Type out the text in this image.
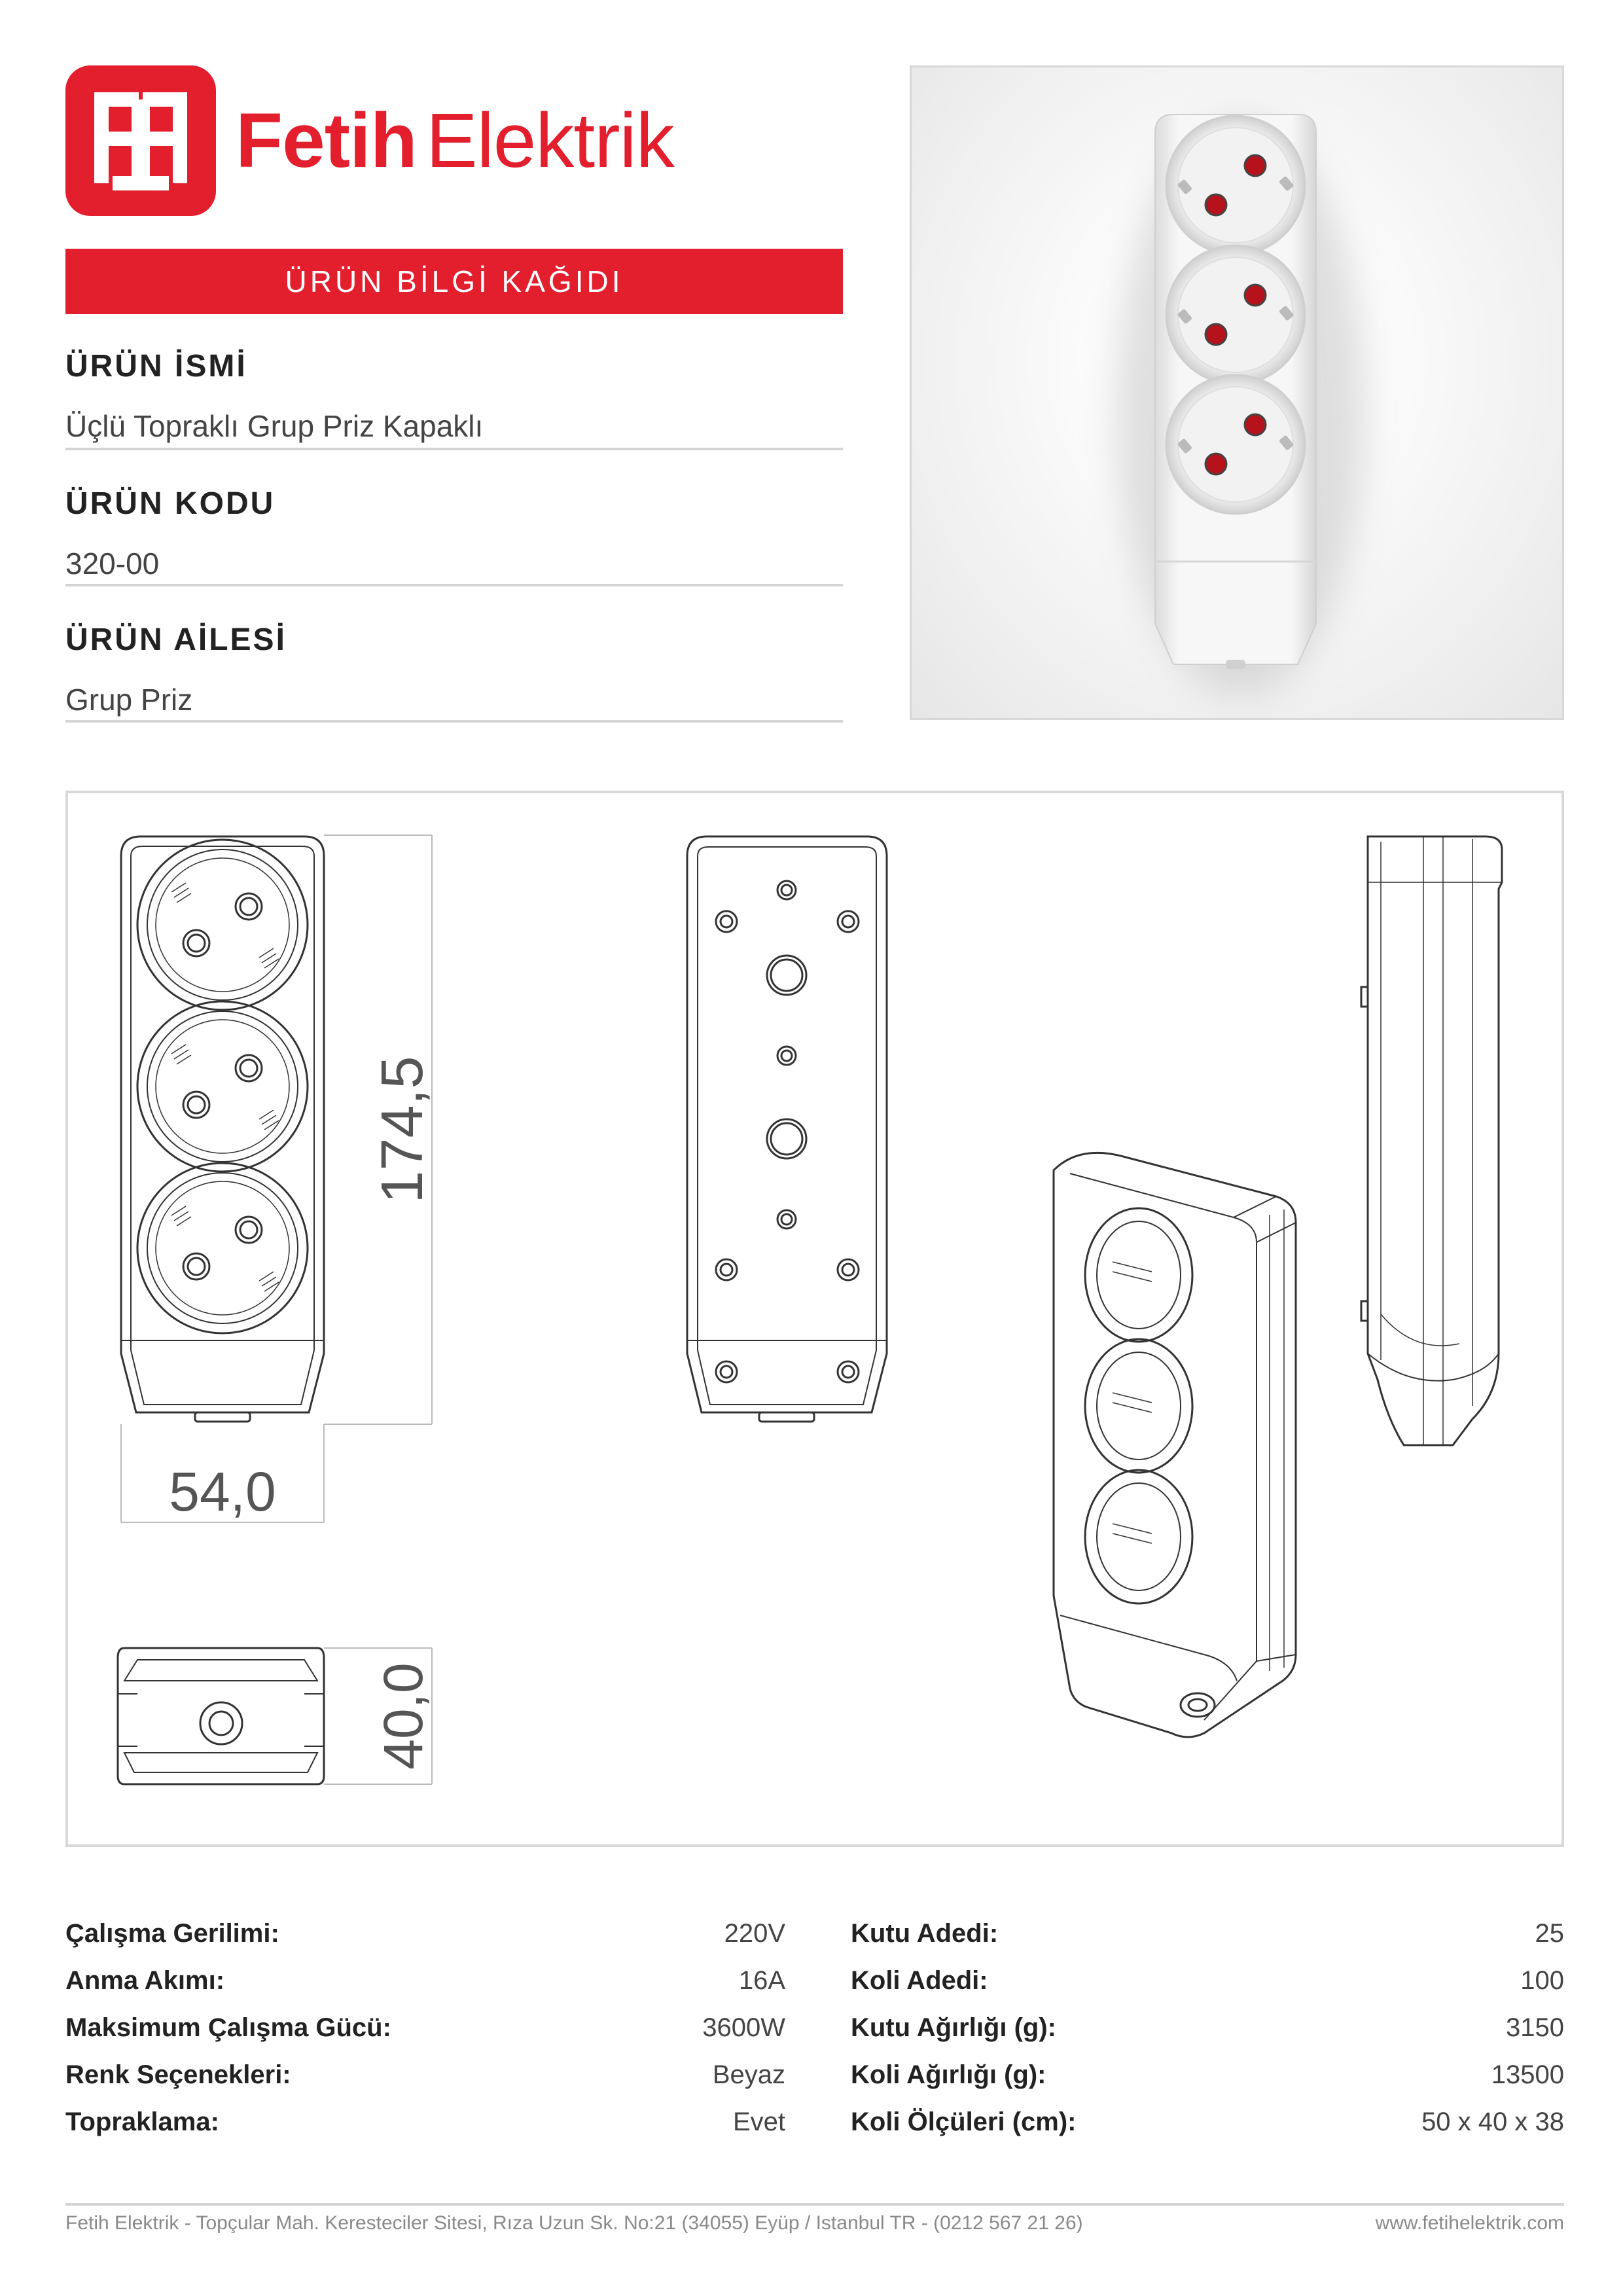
Fetih Elektrik
ÜRÜN BİLGİ KAĞIDI
ÜRÜN İSMİ
Üçlü Topraklı Grup Priz Kapaklı
ÜRÜN KODU
320-00
ÜRÜN AİLESİ
Grup Priz
174,5
54,0
40,0
Çalışma Gerilimi:	220V
Anma Akımı:	16A
Maksimum Çalışma Gücü:	3600W
Renk Seçenekleri:	Beyaz
Topraklama:	Evet
Kutu Adedi:	25
Koli Adedi:	100
Kutu Ağırlığı (g):	3150
Koli Ağırlığı (g):	13500
Koli Ölçüleri (cm):	50 x 40 x 38
Fetih Elektrik - Topçular Mah. Keresteciler Sitesi, Rıza Uzun Sk. No:21 (34055) Eyüp / Istanbul TR - (0212 567 21 26)	www.fetihelektrik.com
